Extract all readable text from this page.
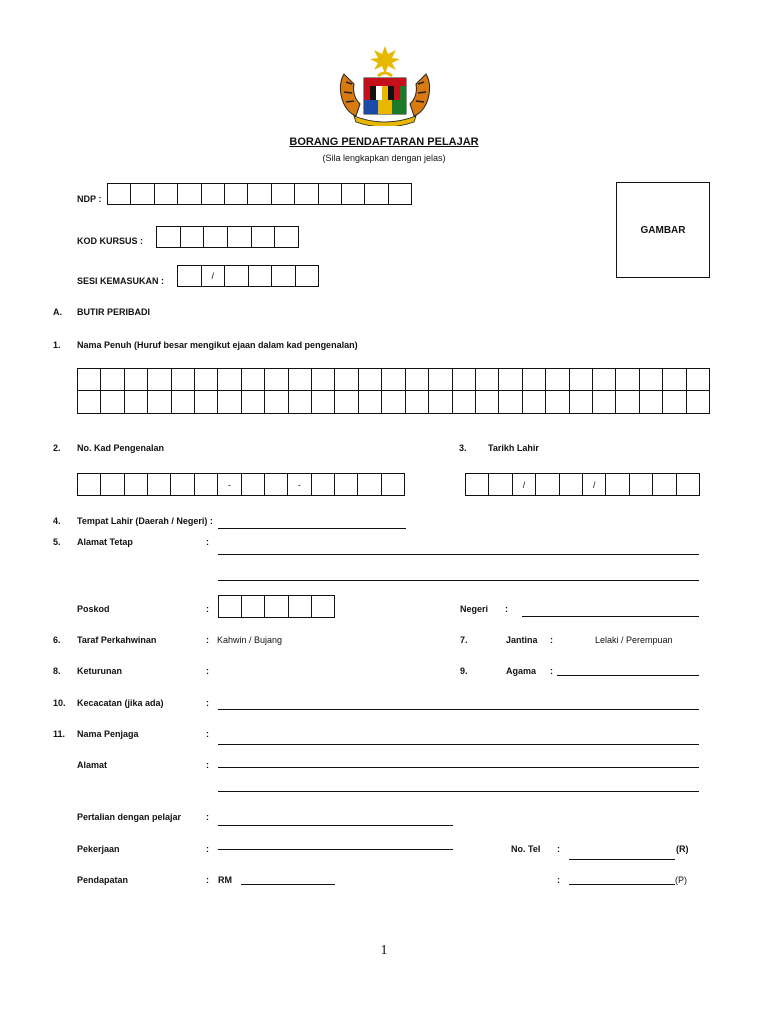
BORANG PENDAFTARAN PELAJAR
(Sila lengkapkan dengan jelas)
NDP :
GAMBAR
KOD KURSUS :
SESI KEMASUKAN :	/
A. BUTIR PERIBADI
1. Nama Penuh (Huruf besar mengikut ejaan dalam kad pengenalan)
2. No. Kad Pengenalan
-	-
3. Tarikh Lahir
/	/
4. Tempat Lahir (Daerah / Negeri) :
5. Alamat Tetap	:
Poskod	:	Negeri :
6. Taraf Perkahwinan	: Kahwin / Bujang	7.	Jantina :	Lelaki / Perempuan
8. Keturunan	:	9.	Agama :
10. Kecacatan (jika ada)	:
11. Nama Penjaga	:
Alamat	:
Pertalian dengan pelajar	:
Pekerjaan	:	No. Tel :	(R)
Pendapatan	: RM	:	(P)
1
